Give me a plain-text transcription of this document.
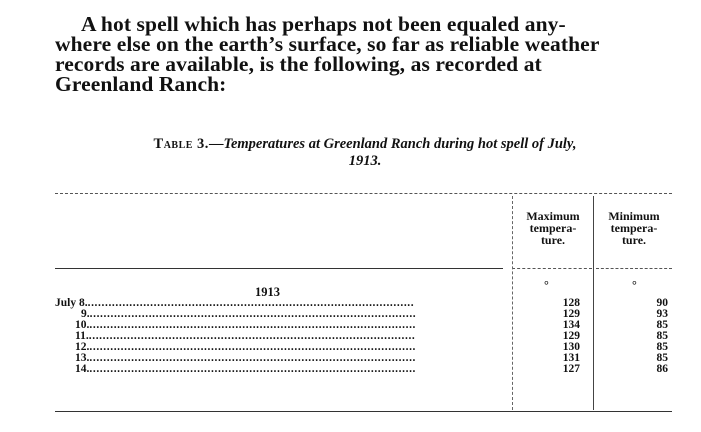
A hot spell which has perhaps not been equaled any-
where else on the earth’s surface, so far as reliable weather
records are available, is the following, as recorded at
Greenland Ranch:
Table 3.—Temperatures at Greenland Ranch during hot spell of July,
1913.
Maximum
tempera-
ture.
Minimum
tempera-
ture.
1913	°	°
July 8...............................................................................................	128	90
9...............................................................................................	129	93
10...............................................................................................	134	85
11...............................................................................................	129	85
12...............................................................................................	130	85
13...............................................................................................	131	85
14...............................................................................................	127	86
